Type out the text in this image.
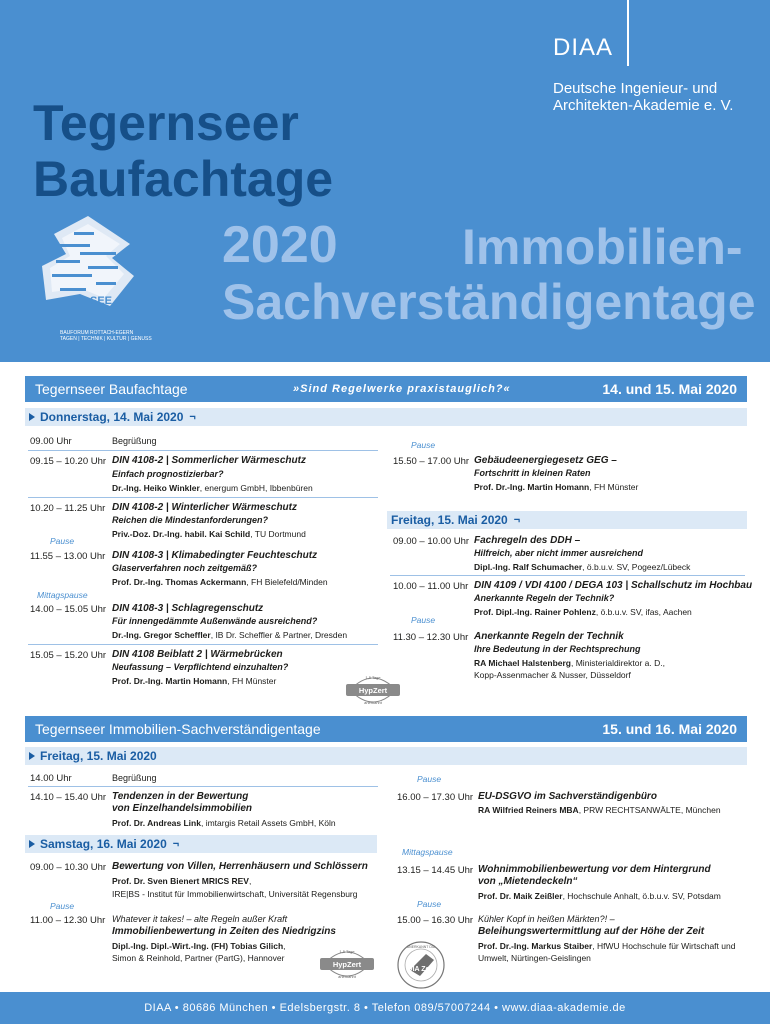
DIAA
Deutsche Ingenieur- und
Architekten-Akademie e. V.
Tegernseer
Baufachtage
2020 Immobilien-
Sachverständigentage
SEE
BAUFORUM ROTTACH-EGERN
TAGEN | TECHNIK | KULTUR | GENUSS
Tegernseer Baufachtage	»Sind Regelwerke praxistauglich?«	14. und 15. Mai 2020
Donnerstag, 14. Mai 2020 ¬
09.00 Uhr	Begrüßung
09.15 – 10.20 Uhr DIN 4108-2 | Sommerlicher Wärmeschutz
Einfach prognostizierbar?
Dr.-Ing. Heiko Winkler, energum GmbH, Ibbenbüren
10.20 – 11.25 Uhr DIN 4108-2 | Winterlicher Wärmeschutz
Reichen die Mindestanforderungen?
Priv.-Doz. Dr.-Ing. habil. Kai Schild, TU Dortmund
Pause
11.55 – 13.00 Uhr DIN 4108-3 | Klimabedingter Feuchteschutz
Glaserverfahren noch zeitgemäß?
Prof. Dr.-Ing. Thomas Ackermann, FH Bielefeld/Minden
Mittagspause
14.00 – 15.05 Uhr DIN 4108-3 | Schlagregenschutz
Für innengedämmte Außenwände ausreichend?
Dr.-Ing. Gregor Scheffler, IB Dr. Scheffler & Partner, Dresden
15.05 – 15.20 Uhr DIN 4108 Beiblatt 2 | Wärmebrücken
Neufassung – Verpflichtend einzuhalten?
Prof. Dr.-Ing. Martin Homann, FH Münster
Pause
15.50 – 17.00 Uhr Gebäudeenergiegesetz GEG –
Fortschritt in kleinen Raten
Prof. Dr.-Ing. Martin Homann, FH Münster
Freitag, 15. Mai 2020 ¬
09.00 – 10.00 Uhr Fachregeln des DDH –
Hilfreich, aber nicht immer ausreichend
Dipl.-Ing. Ralf Schumacher, ö.b.u.v. SV, Pogeez/Lübeck
10.00 – 11.00 Uhr DIN 4109 / VDI 4100 / DEGA 103 | Schallschutz im Hochbau
Anerkannte Regeln der Technik?
Prof. Dipl.-Ing. Rainer Pohlenz, ö.b.u.v. SV, ifas, Aachen
Pause
11.30 – 12.30 Uhr Anerkannte Regeln der Technik
Ihre Bedeutung in der Rechtsprechung
RA Michael Halstenberg, Ministerialdirektor a. D.,
Kopp-Assenmacher & Nusser, Düsseldorf
HypZert
1,5 Tage
anerkannt
Tegernseer Immobilien-Sachverständigentage	15. und 16. Mai 2020
Freitag, 15. Mai 2020
14.00 Uhr	Begrüßung
14.10 – 15.40 Uhr Tendenzen in der Bewertung
von Einzelhandelsimmobilien
Prof. Dr. Andreas Link, imtargis Retail Assets GmbH, Köln
Pause
16.00 – 17.30 Uhr EU-DSGVO im Sachverständigenbüro
RA Wilfried Reiners MBA, PRW RECHTSANWÄLTE, München
Samstag, 16. Mai 2020 ¬
09.00 – 10.30 Uhr Bewertung von Villen, Herrenhäusern und Schlössern
Prof. Dr. Sven Bienert MRICS REV,
IRE|BS - Institut für Immobilienwirtschaft, Universität Regensburg
Pause
11.00 – 12.30 Uhr Whatever it takes! – alte Regeln außer Kraft
Immobilienbewertung in Zeiten des Niedrigzins
Dipl.-Ing. Dipl.-Wirt.-Ing. (FH) Tobias Gilich,
Simon & Reinhold, Partner (PartG), Hannover
Mittagspause
13.15 – 14.45 Uhr Wohnimmobilienbewertung vor dem Hintergrund
von „Mietendeckeln“
Prof. Dr. Maik Zeißler, Hochschule Anhalt, ö.b.u.v. SV, Potsdam
Pause
15.00 – 16.30 Uhr Kühler Kopf in heißen Märkten?! –
Beleihungswertermittlung auf der Höhe der Zeit
Prof. Dr.-Ing. Markus Staiber, HfWU Hochschule für Wirtschaft und
Umwelt, Nürtingen-Geislingen
HypZert
1,5 Tage
anerkannt
DIA Zert
ANERKANNT DIA
DIAA • 80686 München • Edelsbergstr. 8 • Telefon 089/57007244 • www.diaa-akademie.de
